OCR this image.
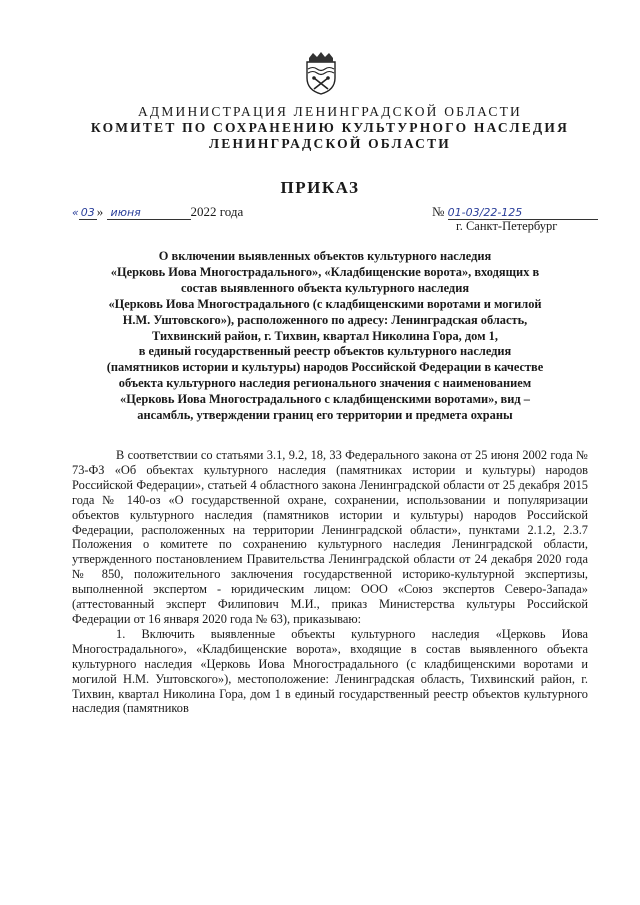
АДМИНИСТРАЦИЯ ЛЕНИНГРАДСКОЙ ОБЛАСТИ
КОМИТЕТ ПО СОХРАНЕНИЮ КУЛЬТУРНОГО НАСЛЕДИЯ
ЛЕНИНГРАДСКОЙ ОБЛАСТИ
ПРИКАЗ
« 03 » июня	2022 года	№ 01-03/22-125
г. Санкт-Петербург
О включении выявленных объектов культурного наследия
«Церковь Иова Многострадального», «Кладбищенские ворота», входящих в
состав выявленного объекта культурного наследия
«Церковь Иова Многострадального (с кладбищенскими воротами и могилой
Н.М. Уштовского»), расположенного по адресу: Ленинградская область,
Тихвинский район, г. Тихвин, квартал Николина Гора, дом 1,
в единый государственный реестр объектов культурного наследия
(памятников истории и культуры) народов Российской Федерации в качестве
объекта культурного наследия регионального значения с наименованием
«Церковь Иова Многострадального с кладбищенскими воротами», вид –
ансамбль, утверждении границ его территории и предмета охраны

В соответствии со статьями 3.1, 9.2, 18, 33 Федерального закона от 25 июня 2002 года № 73-ФЗ «Об объектах культурного наследия (памятниках истории и культуры) народов Российской Федерации», статьей 4 областного закона Ленинградской области от 25 декабря 2015 года № 140-оз «О государственной охране, сохранении, использовании и популяризации объектов культурного наследия (памятников истории и культуры) народов Российской Федерации, расположенных на территории Ленинградской области», пунктами 2.1.2, 2.3.7 Положения о комитете по сохранению культурного наследия Ленинградской области, утвержденного постановлением Правительства Ленинградской области от 24 декабря 2020 года № 850, положительного заключения государственной историко-культурной экспертизы, выполненной экспертом - юридическим лицом: ООО «Союз экспертов Северо-Запада» (аттестованный эксперт Филипович М.И., приказ Министерства культуры Российской Федерации от 16 января 2020 года № 63), приказываю:

1. Включить выявленные объекты культурного наследия «Церковь Иова Многострадального», «Кладбищенские ворота», входящие в состав выявленного объекта культурного наследия «Церковь Иова Многострадального (с кладбищенскими воротами и могилой Н.М. Уштовского»), местоположение: Ленинградская область, Тихвинский район, г. Тихвин, квартал Николина Гора, дом 1 в единый государственный реестр объектов культурного наследия (памятников
